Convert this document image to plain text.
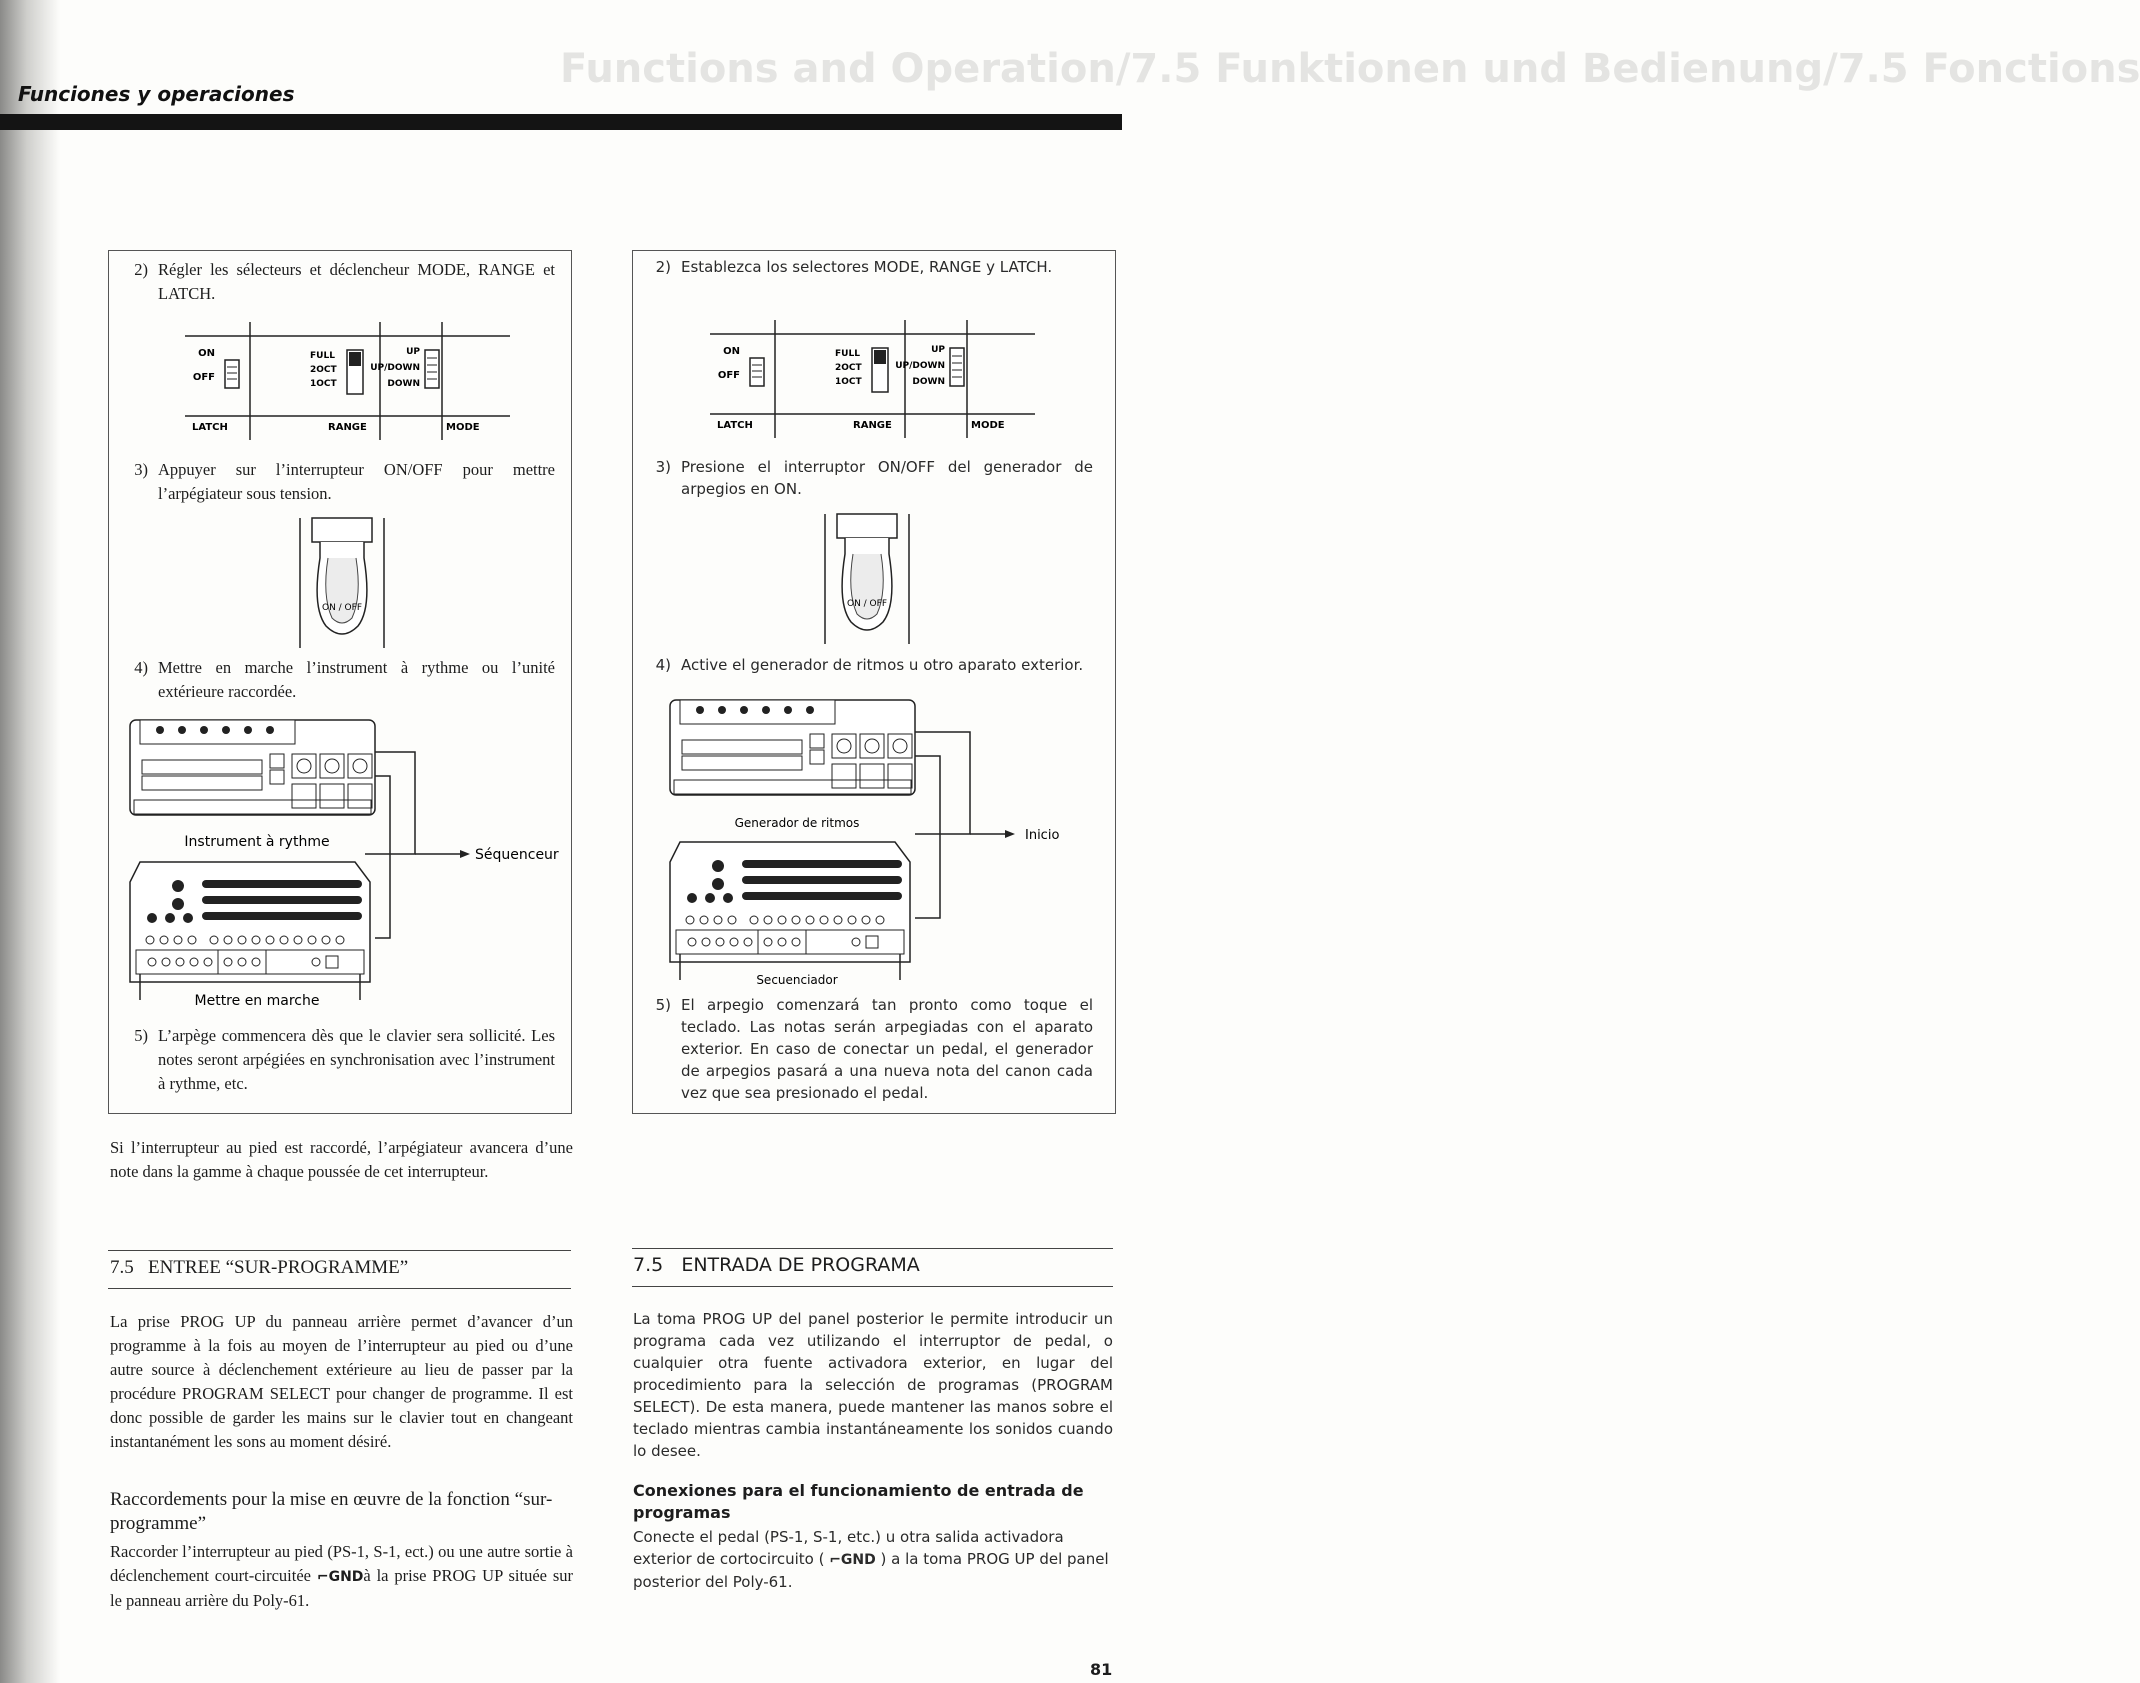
Functions and Operation/7.5 Funktionen und Bedienung/7.5 Fonctions
Funciones y operaciones
2) Régler les sélecteurs et déclencheur MODE, RANGE et LATCH.
ON
OFF
FULL
2OCT
1OCT
UP
UP/DOWN
DOWN
LATCH	RANGE	MODE
3) Appuyer sur l’interrupteur ON/OFF pour mettre l’arpégiateur sous tension.
ON / OFF
4) Mettre en marche l’instrument à rythme ou l’unité extérieure raccordée.
Instrument à rythme
Séquenceur
Mettre en marche
5) L’arpège commencera dès que le clavier sera sollicité. Les notes seront arpégiées en synchronisation avec l’instrument à rythme, etc.
Si l’interrupteur au pied est raccordé, l’arpégiateur avancera d’une note dans la gamme à chaque poussée de cet interrupteur.
7.5 ENTREE “SUR-PROGRAMME”
La prise PROG UP du panneau arrière permet d’avancer d’un programme à la fois au moyen de l’interrupteur au pied ou d’une autre source à déclenchement extérieure au lieu de passer par la procédure PROGRAM SELECT pour changer de programme. Il est donc possible de garder les mains sur le clavier tout en changeant instantanément les sons au moment désiré.
Raccordements pour la mise en œuvre de la fonction “sur-programme”
Raccorder l’interrupteur au pied (PS-1, S-1, ect.) ou une autre sortie à déclenchement court-circuitée ⌐GNDà la prise PROG UP située sur le panneau arrière du Poly-61.
2) Establezca los selectores MODE, RANGE y LATCH.
ON
OFF
FULL
2OCT
1OCT
UP
UP/DOWN
DOWN
LATCH	RANGE	MODE
3) Presione el interruptor ON/OFF del generador de arpegios en ON.
ON / OFF
4) Active el generador de ritmos u otro aparato exterior.
Generador de ritmos
Inicio
Secuenciador
5) El arpegio comenzará tan pronto como toque el teclado. Las notas serán arpegiadas con el aparato exterior. En caso de conectar un pedal, el generador de arpegios pasará a una nueva nota del canon cada vez que sea presionado el pedal.
7.5 ENTRADA DE PROGRAMA
La toma PROG UP del panel posterior le permite introducir un programa cada vez utilizando el interruptor de pedal, o cualquier otra fuente activadora exterior, en lugar del procedimiento para la selección de programas (PROGRAM SELECT). De esta manera, puede mantener las manos sobre el teclado mientras cambia instantáneamente los sonidos cuando lo desee.
Conexiones para el funcionamiento de entrada de programas
Conecte el pedal (PS-1, S-1, etc.) u otra salida activadora exterior de cortocircuito ( ⌐GND ) a la toma PROG UP del panel posterior del Poly-61.
81
